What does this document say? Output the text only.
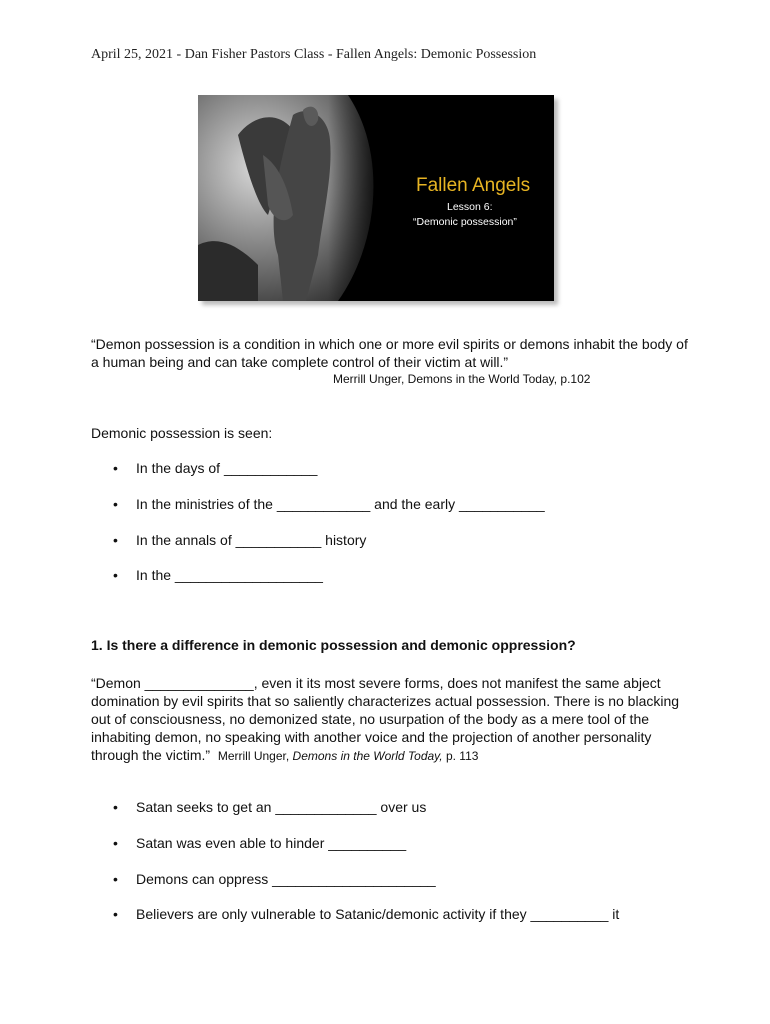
April 25, 2021 - Dan Fisher Pastors Class - Fallen Angels: Demonic Possession
Fallen Angels
Lesson 6:
“Demonic possession”
“Demon possession is a condition in which one or more evil spirits or demons inhabit the body of a human being and can take complete control of their victim at will.”
Merrill Unger, Demons in the World Today, p.102
Demonic possession is seen:
• In the days of ____________
• In the ministries of the ____________ and the early ___________
• In the annals of ___________ history
• In the ___________________
1. Is there a difference in demonic possession and demonic oppression?
“Demon ______________, even it its most severe forms, does not manifest the same abject domination by evil spirits that so saliently characterizes actual possession. There is no blacking out of consciousness, no demonized state, no usurpation of the body as a mere tool of the inhabiting demon, no speaking with another voice and the projection of another personality through the victim.” Merrill Unger, Demons in the World Today, p. 113
• Satan seeks to get an _____________ over us
• Satan was even able to hinder __________
• Demons can oppress _____________________
• Believers are only vulnerable to Satanic/demonic activity if they __________ it
